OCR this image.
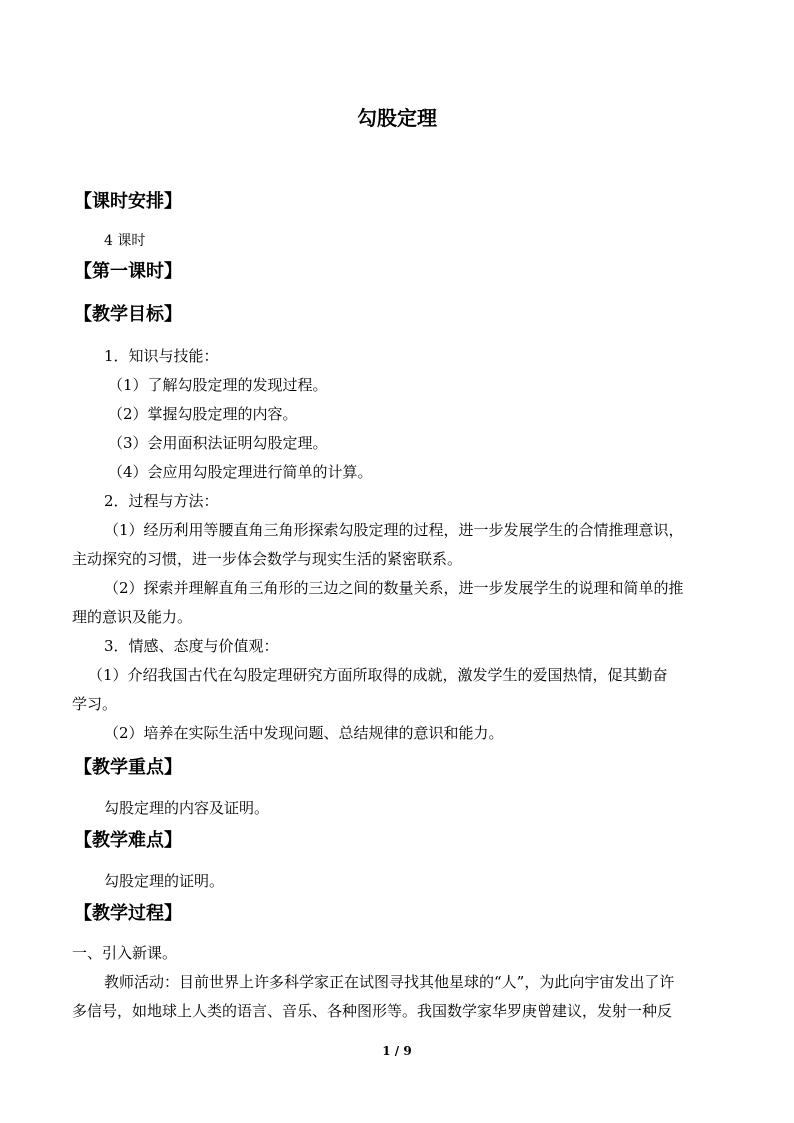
勾股定理
【课时安排】
4 课时
【第一课时】
【教学目标】
1．知识与技能：
（1）了解勾股定理的发现过程。
（2）掌握勾股定理的内容。
（3）会用面积法证明勾股定理。
（4）会应用勾股定理进行简单的计算。
2．过程与方法：
（1）经历利用等腰直角三角形探索勾股定理的过程，进一步发展学生的合情推理意识，
主动探究的习惯，进一步体会数学与现实生活的紧密联系。
（2）探索并理解直角三角形的三边之间的数量关系，进一步发展学生的说理和简单的推
理的意识及能力。
3．情感、态度与价值观：
（1）介绍我国古代在勾股定理研究方面所取得的成就，激发学生的爱国热情，促其勤奋
学习。
（2）培养在实际生活中发现问题、总结规律的意识和能力。
【教学重点】
勾股定理的内容及证明。
【教学难点】
勾股定理的证明。
【教学过程】
一、引入新课。
教师活动：目前世界上许多科学家正在试图寻找其他星球的“人”，为此向宇宙发出了许
多信号，如地球上人类的语言、音乐、各种图形等。我国数学家华罗庚曾建议，发射一种反
1 / 9
